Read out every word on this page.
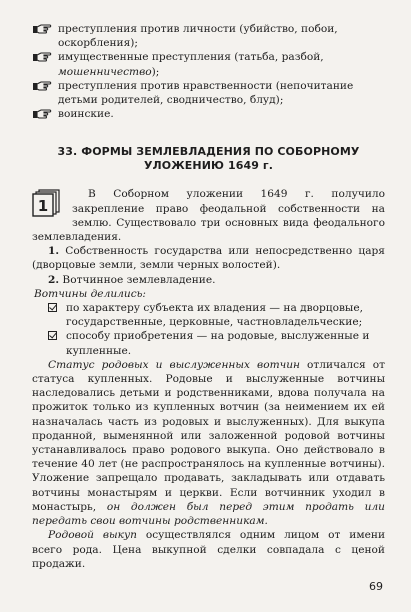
преступления против личности (убийство, побои, оскорбления);
имущественные преступления (татьба, разбой, мошенничество);
преступления против нравственности (непочитание детьми родителей, сводничество, блуд);
воинские.
33. ФОРМЫ ЗЕМЛЕВЛАДЕНИЯ ПО СОБОРНОМУ
УЛОЖЕНИЮ 1649 г.
1

В Соборном уложении 1649 г. получило закрепление право феодальной собственности на землю. Существовало три основных вида феодального землевладения.

1. Собственность государства или непосредственно царя (дворцовые земли, земли черных волостей).

2. Вотчинное землевладение.

Вотчины делились:

по характеру субъекта их владения — на дворцовые, государственные, церковные, частновладельческие;
способу приобретения — на родовые, выслуженные и купленные.

Статус родовых и выслуженных вотчин отличался от статуса купленных. Родовые и выслуженные вотчины наследовались детьми и родственниками, вдова получала на прожиток только из купленных вотчин (за неимением их ей назначалась часть из родовых и выслуженных). Для выкупа проданной, выменянной или заложенной родовой вотчины устанавливалось право родового выкупа. Оно действовало в течение 40 лет (не распространялось на купленные вотчины). Уложение запрещало продавать, закладывать или отдавать вотчины монастырям и церкви. Если вотчинник уходил в монастырь, он должен был перед этим продать или передать свои вотчины родственникам.

Родовой выкуп осуществлялся одним лицом от имени всего рода. Цена выкупной сделки совпадала с ценой продажи.

69
